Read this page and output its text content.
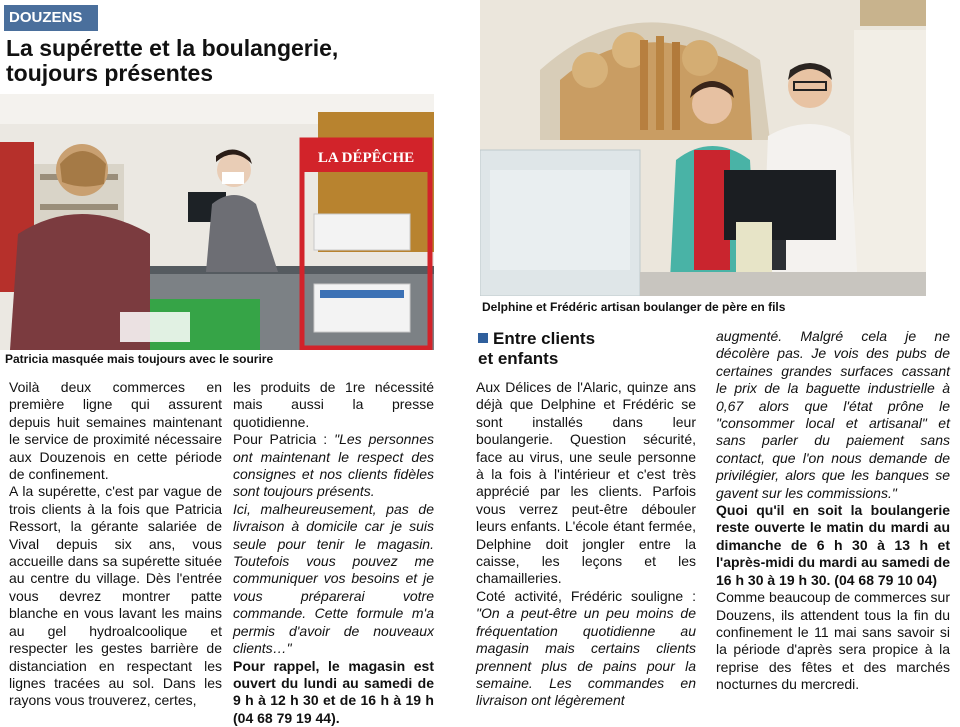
DOUZENS
La supérette et la boulangerie,
toujours présentes
LA DÉPÊCHE
Patricia masquée mais toujours avec le sourire
Delphine et Frédéric artisan boulanger de père en fils
Entre clients
et enfants

Voilà deux commerces en première ligne qui assurent depuis huit semaines maintenant le service de proximité nécessaire aux Douzenois en cette période de confinement.

A la supérette, c'est par vague de trois clients à la fois que Patricia Ressort, la gérante salariée de Vival depuis six ans, vous accueille dans sa supérette située au centre du village. Dès l'entrée vous devrez montrer patte blanche en vous lavant les mains au gel hydroalcoolique et respecter les gestes barrière de distanciation en respectant les lignes tracées au sol. Dans les rayons vous trouverez, certes,

les produits de 1re nécessité mais aussi la presse quotidienne.

Pour Patricia : "Les personnes ont maintenant le respect des consignes et nos clients fidèles sont toujours présents.

Ici, malheureusement, pas de livraison à domicile car je suis seule pour tenir le magasin. Toutefois vous pouvez me communiquer vos besoins et je vous préparerai votre commande. Cette formule m'a permis d'avoir de nouveaux clients…"

Pour rappel, le magasin est ouvert du lundi au samedi de 9 h à 12 h 30 et de 16 h à 19 h (04 68 79 19 44).

Aux Délices de l'Alaric, quinze ans déjà que Delphine et Frédéric se sont installés dans leur boulangerie. Question sécurité, face au virus, une seule personne à la fois à l'intérieur et c'est très apprécié par les clients. Parfois vous verrez peut-être débouler leurs enfants. L'école étant fermée, Delphine doit jongler entre la caisse, les leçons et les chamailleries.

Coté activité, Frédéric souligne : "On a peut-être un peu moins de fréquentation quotidienne au magasin mais certains clients prennent plus de pains pour la semaine. Les commandes en livraison ont légèrement

augmenté. Malgré cela je ne décolère pas. Je vois des pubs de certaines grandes surfaces cassant le prix de la baguette industrielle à 0,67 alors que l'état prône le "consommer local et artisanal" et sans parler du paiement sans contact, que l'on nous demande de privilégier, alors que les banques se gavent sur les commissions."

Quoi qu'il en soit la boulangerie reste ouverte le matin du mardi au dimanche de 6 h 30 à 13 h et l'après-midi du mardi au samedi de 16 h 30 à 19 h 30. (04 68 79 10 04)

Comme beaucoup de commerces sur Douzens, ils attendent tous la fin du confinement le 11 mai sans savoir si la période d'après sera propice à la reprise des fêtes et des marchés nocturnes du mercredi.
